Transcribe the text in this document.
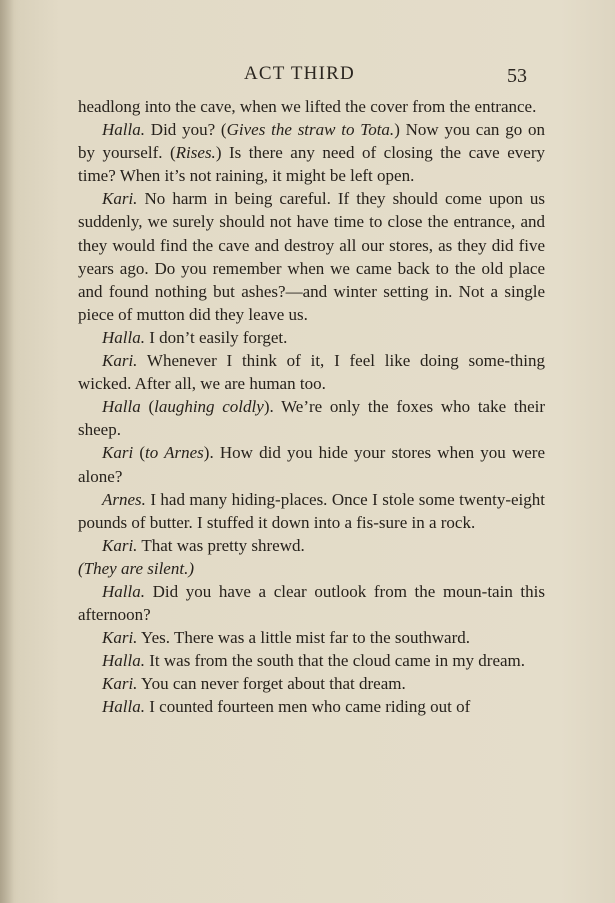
ACT THIRD	53

headlong into the cave, when we lifted the cover from the entrance.

Halla. Did you? (Gives the straw to Tota.) Now you can go on by yourself. (Rises.) Is there any need of closing the cave every time? When it’s not raining, it might be left open.

Kari. No harm in being careful. If they should come upon us suddenly, we surely should not have time to close the entrance, and they would find the cave and destroy all our stores, as they did five years ago. Do you remember when we came back to the old place and found nothing but ashes?—and winter setting in. Not a single piece of mutton did they leave us.

Halla. I don’t easily forget.

Kari. Whenever I think of it, I feel like doing some-thing wicked. After all, we are human too.

Halla (laughing coldly). We’re only the foxes who take their sheep.

Kari (to Arnes). How did you hide your stores when you were alone?

Arnes. I had many hiding-places. Once I stole some twenty-eight pounds of butter. I stuffed it down into a fis-sure in a rock.

Kari. That was pretty shrewd.

(They are silent.)

Halla. Did you have a clear outlook from the moun-tain this afternoon?

Kari. Yes. There was a little mist far to the southward.

Halla. It was from the south that the cloud came in my dream.

Kari. You can never forget about that dream.

Halla. I counted fourteen men who came riding out of
